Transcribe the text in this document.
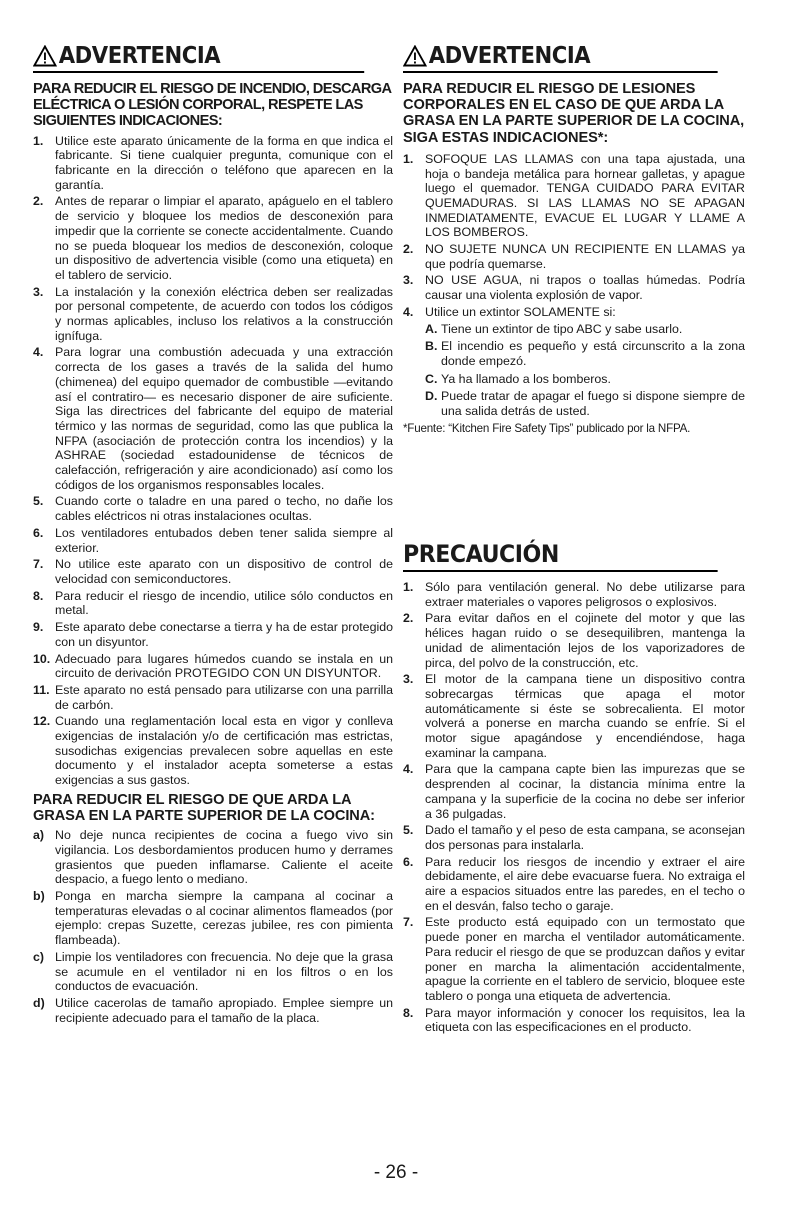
ADVERTENCIA
PARA REDUCIR EL RIESGO DE INCENDIO, DESCARGA ELÉCTRICA O LESIÓN CORPORAL, RESPETE LAS SIGUIENTES INDICACIONES:
1. Utilice este aparato únicamente de la forma en que indica el fabricante. Si tiene cualquier pregunta, comunique con el fabricante en la dirección o teléfono que aparecen en la garantía.
2. Antes de reparar o limpiar el aparato, apáguelo en el tablero de servicio y bloquee los medios de desconexión para impedir que la corriente se conecte accidentalmente. Cuando no se pueda bloquear los medios de desconexión, coloque un dispositivo de advertencia visible (como una etiqueta) en el tablero de servicio.
3. La instalación y la conexión eléctrica deben ser realizadas por personal competente, de acuerdo con todos los códigos y normas aplicables, incluso los relativos a la construcción ignífuga.
4. Para lograr una combustión adecuada y una extracción correcta de los gases a través de la salida del humo (chimenea) del equipo quemador de combustible —evitando así el contratiro— es necesario disponer de aire suficiente. Siga las directrices del fabricante del equipo de material térmico y las normas de seguridad, como las que publica la NFPA (asociación de protección contra los incendios) y la ASHRAE (sociedad estadounidense de técnicos de calefacción, refrigeración y aire acondicionado) así como los códigos de los organismos responsables locales.
5. Cuando corte o taladre en una pared o techo, no dañe los cables eléctricos ni otras instalaciones ocultas.
6. Los ventiladores entubados deben tener salida siempre al exterior.
7. No utilice este aparato con un dispositivo de control de velocidad con semiconductores.
8. Para reducir el riesgo de incendio, utilice sólo conductos en metal.
9. Este aparato debe conectarse a tierra y ha de estar protegido con un disyuntor.
10. Adecuado para lugares húmedos cuando se instala en un circuito de derivación PROTEGIDO CON UN DISYUNTOR.
11. Este aparato no está pensado para utilizarse con una parrilla de carbón.
12. Cuando una reglamentación local esta en vigor y conlleva exigencias de instalación y/o de certificación mas estrictas, susodichas exigencias prevalecen sobre aquellas en este documento y el instalador acepta someterse a estas exigencias a sus gastos.
PARA REDUCIR EL RIESGO DE QUE ARDA LA GRASA EN LA PARTE SUPERIOR DE LA COCINA:
a) No deje nunca recipientes de cocina a fuego vivo sin vigilancia. Los desbordamientos producen humo y derrames grasientos que pueden inflamarse. Caliente el aceite despacio, a fuego lento o mediano.
b) Ponga en marcha siempre la campana al cocinar a temperaturas elevadas o al cocinar alimentos flameados (por ejemplo: crepas Suzette, cerezas jubilee, res con pimienta flambeada).
c) Limpie los ventiladores con frecuencia. No deje que la grasa se acumule en el ventilador ni en los filtros o en los conductos de evacuación.
d) Utilice cacerolas de tamaño apropiado. Emplee siempre un recipiente adecuado para el tamaño de la placa.
ADVERTENCIA
PARA REDUCIR EL RIESGO DE LESIONES CORPORALES EN EL CASO DE QUE ARDA LA GRASA EN LA PARTE SUPERIOR DE LA COCINA, SIGA ESTAS INDICACIONES*:
1. SOFOQUE LAS LLAMAS con una tapa ajustada, una hoja o bandeja metálica para hornear galletas, y apague luego el quemador. TENGA CUIDADO PARA EVITAR QUEMADURAS. SI LAS LLAMAS NO SE APAGAN INMEDIATAMENTE, EVACUE EL LUGAR Y LLAME A LOS BOMBEROS.
2. NO SUJETE NUNCA UN RECIPIENTE EN LLAMAS ya que podría quemarse.
3. NO USE AGUA, ni trapos o toallas húmedas. Podría causar una violenta explosión de vapor.
4. Utilice un extintor SOLAMENTE si:
A. Tiene un extintor de tipo ABC y sabe usarlo.
B. El incendio es pequeño y está circunscrito a la zona donde empezó.
C. Ya ha llamado a los bomberos.
D. Puede tratar de apagar el fuego si dispone siempre de una salida detrás de usted.
*Fuente: “Kitchen Fire Safety Tips” publicado por la NFPA.
PRECAUCIÓN
1. Sólo para ventilación general. No debe utilizarse para extraer materiales o vapores peligrosos o explosivos.
2. Para evitar daños en el cojinete del motor y que las hélices hagan ruido o se desequilibren, mantenga la unidad de alimentación lejos de los vaporizadores de pirca, del polvo de la construcción, etc.
3. El motor de la campana tiene un dispositivo contra sobrecargas térmicas que apaga el motor automáticamente si éste se sobrecalienta. El motor volverá a ponerse en marcha cuando se enfríe. Si el motor sigue apagándose y encendiéndose, haga examinar la campana.
4. Para que la campana capte bien las impurezas que se desprenden al cocinar, la distancia mínima entre la campana y la superficie de la cocina no debe ser inferior a 36 pulgadas.
5. Dado el tamaño y el peso de esta campana, se aconsejan dos personas para instalarla.
6. Para reducir los riesgos de incendio y extraer el aire debidamente, el aire debe evacuarse fuera. No extraiga el aire a espacios situados entre las paredes, en el techo o en el desván, falso techo o garaje.
7. Este producto está equipado con un termostato que puede poner en marcha el ventilador automáticamente. Para reducir el riesgo de que se produzcan daños y evitar poner en marcha la alimentación accidentalmente, apague la corriente en el tablero de servicio, bloquee este tablero o ponga una etiqueta de advertencia.
8. Para mayor información y conocer los requisitos, lea la etiqueta con las especificaciones en el producto.
- 26 -
